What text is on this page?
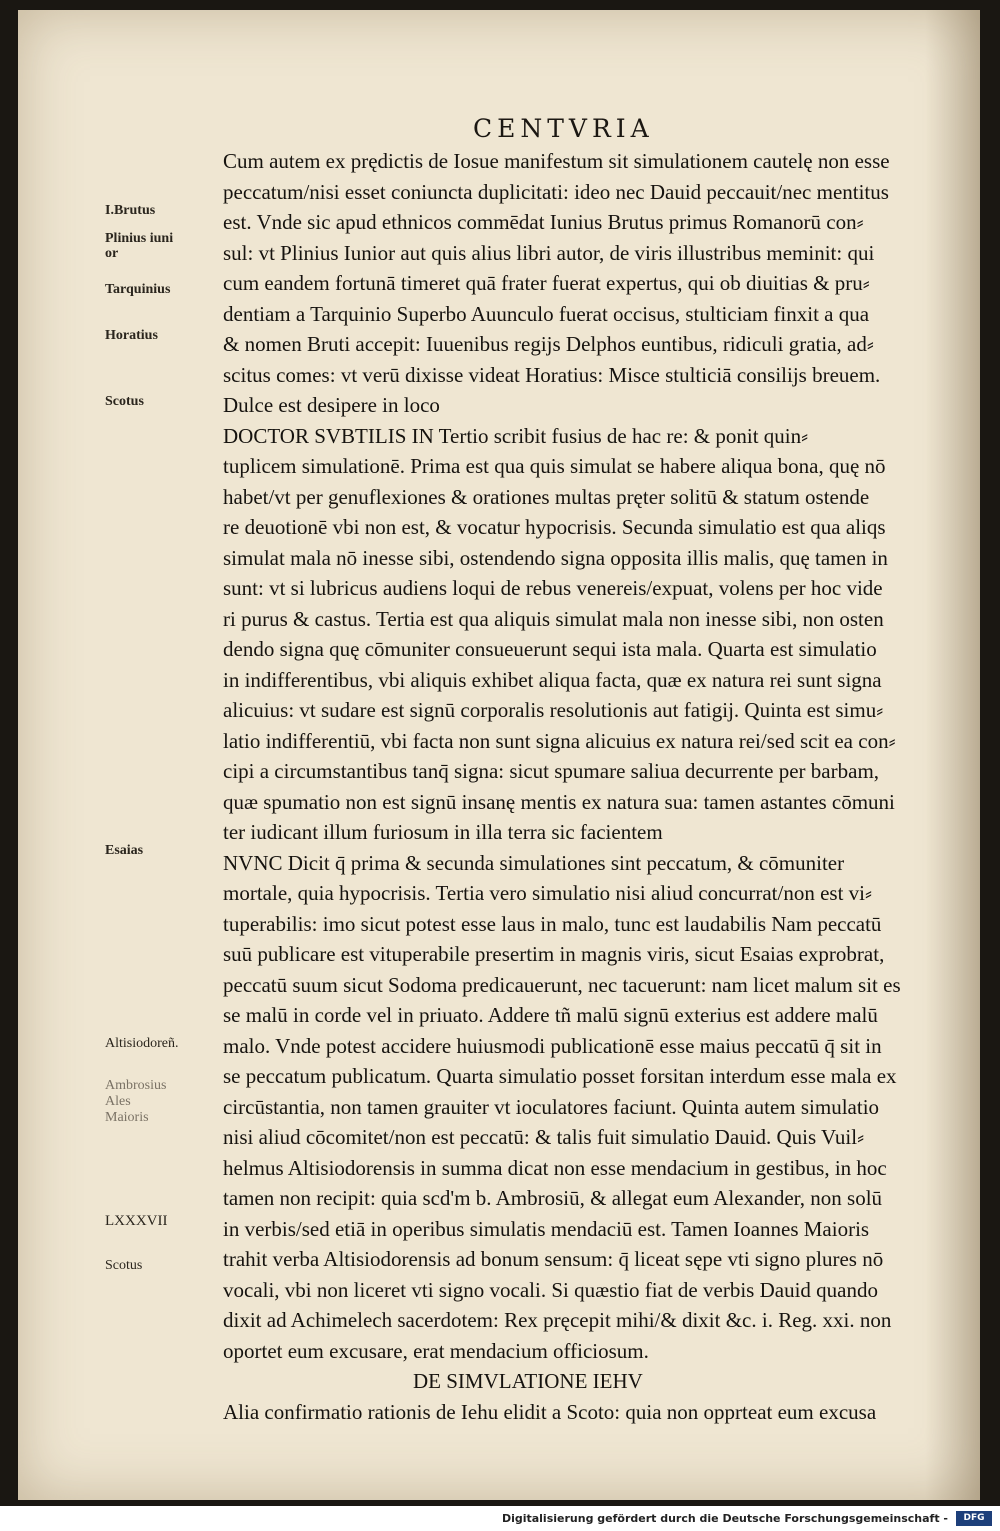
CENTVRIA
I.Brutus
Plinius iuni
or
Tarquinius
Horatius
Scotus
Esaias
Altisiodoreñ.
Ambrosius
Ales
Maioris
LXXXVII
Scotus
Cum autem ex prędictis de Iosue manifestum sit simulationem cautelę non esse
peccatum/nisi esset coniuncta duplicitati: ideo nec Dauid peccauit/nec mentitus
est. Vnde sic apud ethnicos commēdat Iunius Brutus primus Romanorū con⸗
sul: vt Plinius Iunior aut quis alius libri autor, de viris illustribus meminit: qui
cum eandem fortunā timeret quā frater fuerat expertus, qui ob diuitias & pru⸗
dentiam a Tarquinio Superbo Auunculo fuerat occisus, stulticiam finxit a qua
& nomen Bruti accepit: Iuuenibus regijs Delphos euntibus, ridiculi gratia, ad⸗
scitus comes: vt verū dixisse videat Horatius: Misce stulticiā consilijs breuem.
Dulce est desipere in loco
DOCTOR SVBTILIS IN Tertio scribit fusius de hac re: & ponit quin⸗
tuplicem simulationē. Prima est qua quis simulat se habere aliqua bona, quę nō
habet/vt per genuflexiones & orationes multas pręter solitū & statum ostende
re deuotionē vbi non est, & vocatur hypocrisis. Secunda simulatio est qua aliqs
simulat mala nō inesse sibi, ostendendo signa opposita illis malis, quę tamen in
sunt: vt si lubricus audiens loqui de rebus venereis/expuat, volens per hoc vide
ri purus & castus. Tertia est qua aliquis simulat mala non inesse sibi, non osten
dendo signa quę cōmuniter consueuerunt sequi ista mala. Quarta est simulatio
in indifferentibus, vbi aliquis exhibet aliqua facta, quæ ex natura rei sunt signa
alicuius: vt sudare est signū corporalis resolutionis aut fatigij. Quinta est simu⸗
latio indifferentiū, vbi facta non sunt signa alicuius ex natura rei/sed scit ea con⸗
cipi a circumstantibus tanq̄ signa: sicut spumare saliua decurrente per barbam,
quæ spumatio non est signū insanę mentis ex natura sua: tamen astantes cōmuni
ter iudicant illum furiosum in illa terra sic facientem
NVNC Dicit q̄ prima & secunda simulationes sint peccatum, & cōmuniter
mortale, quia hypocrisis. Tertia vero simulatio nisi aliud concurrat/non est vi⸗
tuperabilis: imo sicut potest esse laus in malo, tunc est laudabilis Nam peccatū
suū publicare est vituperabile presertim in magnis viris, sicut Esaias exprobrat,
peccatū suum sicut Sodoma predicauerunt, nec tacuerunt: nam licet malum sit es
se malū in corde vel in priuato. Addere tñ malū signū exterius est addere malū
malo. Vnde potest accidere huiusmodi publicationē esse maius peccatū q̄ sit in
se peccatum publicatum. Quarta simulatio posset forsitan interdum esse mala ex
circūstantia, non tamen grauiter vt ioculatores faciunt. Quinta autem simulatio
nisi aliud cōcomitet/non est peccatū: & talis fuit simulatio Dauid. Quis Vuil⸗
helmus Altisiodorensis in summa dicat non esse mendacium in gestibus, in hoc
tamen non recipit: quia scd'm b. Ambrosiū, & allegat eum Alexander, non solū
in verbis/sed etiā in operibus simulatis mendaciū est. Tamen Ioannes Maioris
trahit verba Altisiodorensis ad bonum sensum: q̄ liceat sępe vti signo plures nō
vocali, vbi non liceret vti signo vocali. Si quæstio fiat de verbis Dauid quando
dixit ad Achimelech sacerdotem: Rex pręcepit mihi/& dixit &c. i. Reg. xxi. non
oportet eum excusare, erat mendacium officiosum.
DE SIMVLATIONE IEHV
Alia confirmatio rationis de Iehu elidit a Scoto: quia non opprteat eum excusa
Digitalisierung gefördert durch die Deutsche Forschungsgemeinschaft -	DFG
